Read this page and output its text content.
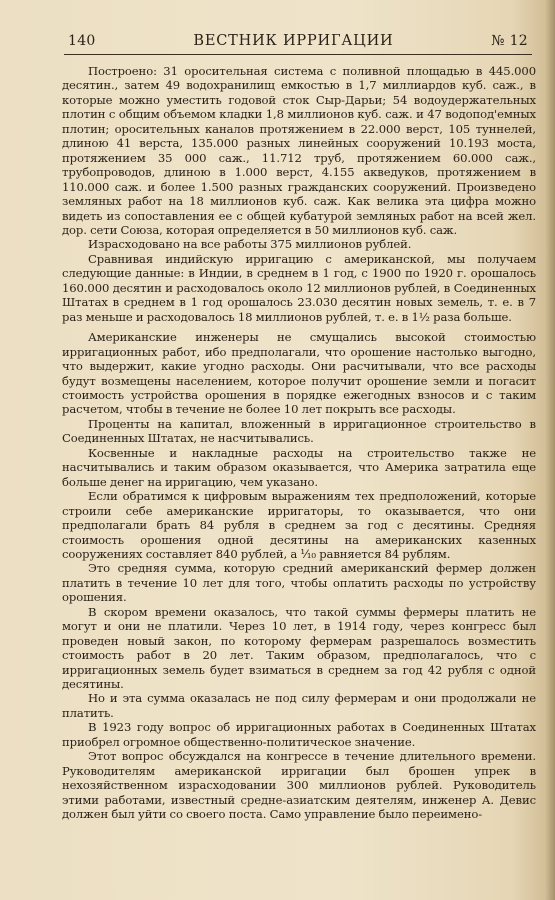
140	ВЕСТНИК ИРРИГАЦИИ	№ 12

Построено: 31 оросительная система с поливной площадью в 445.000 десятин., затем 49 водохранилищ емкостью в 1,7 миллиардов куб. саж., в которые можно уместить годовой сток Сыр-Дарьи; 54 водоудержательных плотин с общим объемом кладки 1,8 миллионов куб. саж. и 47 водопод'емных плотин; оросительных каналов протяжением в 22.000 верст, 105 туннелей, длиною 41 верста, 135.000 разных линейных сооружений 10.193 моста, протяжением 35 000 саж., 11.712 труб, протяжением 60.000 саж., трубопроводов, длиною в 1.000 верст, 4.155 акведуков, протяжением в 110.000 саж. и более 1.500 разных гражданских сооружений. Произведено земляных работ на 18 миллионов куб. саж. Как велика эта цифра можно видеть из сопоставления ее с общей кубатурой земляных работ на всей жел. дор. сети Союза, которая определяется в 50 миллионов куб. саж.

Израсходовано на все работы 375 миллионов рублей.

Сравнивая индийскую ирригацию с американской, мы получаем следующие данные: в Индии, в среднем в 1 год, с 1900 по 1920 г. орошалось 160.000 десятин и расходовалось около 12 миллионов рублей, в Соединенных Штатах в среднем в 1 год орошалось 23.030 десятин новых земель, т. е. в 7 раз меньше и расходовалось 18 миллионов рублей, т. е. в 1½ раза больше.

Американские инженеры не смущались высокой стоимостью ирригационных работ, ибо предполагали, что орошение настолько выгодно, что выдержит, какие угодно расходы. Они расчитывали, что все расходы будут возмещены населением, которое получит орошение земли и погасит стоимость устройства орошения в порядке ежегодных взносов и с таким расчетом, чтобы в течение не более 10 лет покрыть все расходы.

Проценты на капитал, вложенный в ирригационное строительство в Соединенных Штатах, не насчитывались.

Косвенные и накладные расходы на строительство также не насчитывались и таким образом оказывается, что Америка затратила еще больше денег на ирригацию, чем указано.

Если обратимся к цифровым выражениям тех предположений, которые строили себе американские ирригаторы, то оказывается, что они предполагали брать 84 рубля в среднем за год с десятины. Средняя стоимость орошения одной десятины на американских казенных сооружениях составляет 840 рублей, а ¹⁄₁₀ равняется 84 рублям.

Это средняя сумма, которую средний американский фермер должен платить в течение 10 лет для того, чтобы оплатить расходы по устройству орошения.

В скором времени оказалось, что такой суммы фермеры платить не могут и они не платили. Через 10 лет, в 1914 году, через конгресс был проведен новый закон, по которому фермерам разрешалось возместить стоимость работ в 20 лет. Таким образом, предполагалось, что с ирригационных земель будет взиматься в среднем за год 42 рубля с одной десятины.

Но и эта сумма оказалась не под силу фермерам и они продолжали не платить.

В 1923 году вопрос об ирригационных работах в Соединенных Штатах приобрел огромное общественно-политическое значение.

Этот вопрос обсуждался на конгрессе в течение длительного времени. Руководителям американской ирригации был брошен упрек в нехозяйственном израсходовании 300 миллионов рублей. Руководитель этими работами, известный средне-азиатским деятелям, инженер А. Девис должен был уйти со своего поста. Само управление было переимено-
